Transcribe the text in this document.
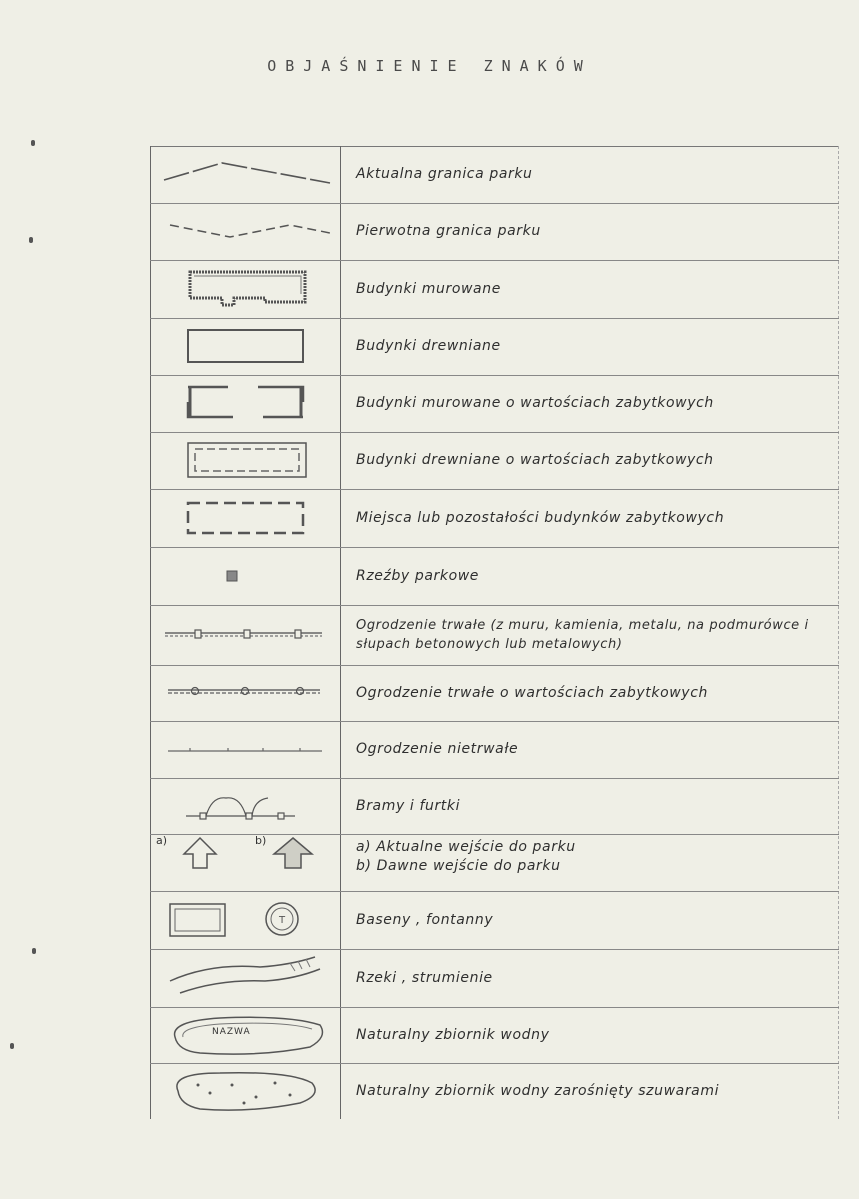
OBJAŚNIENIE ZNAKÓW
Aktualna granica parku
Pierwotna granica parku
Budynki murowane
Budynki drewniane
Budynki murowane o wartościach zabytkowych
Budynki drewniane o wartościach zabytkowych
Miejsca lub pozostałości budynków zabytkowych
Rzeźby parkowe
Ogrodzenie trwałe (z muru, kamienia, metalu, na podmurówce i słupach betonowych lub metalowych)
Ogrodzenie trwałe o wartościach zabytkowych
Ogrodzenie nietrwałe
Bramy i furtki
a)	b)	a) Aktualne wejście do parku
b) Dawne wejście do parku
T	Baseny , fontanny
Rzeki , strumienie
NAZWA	Naturalny zbiornik wodny
Naturalny zbiornik wodny zarośnięty szuwarami
